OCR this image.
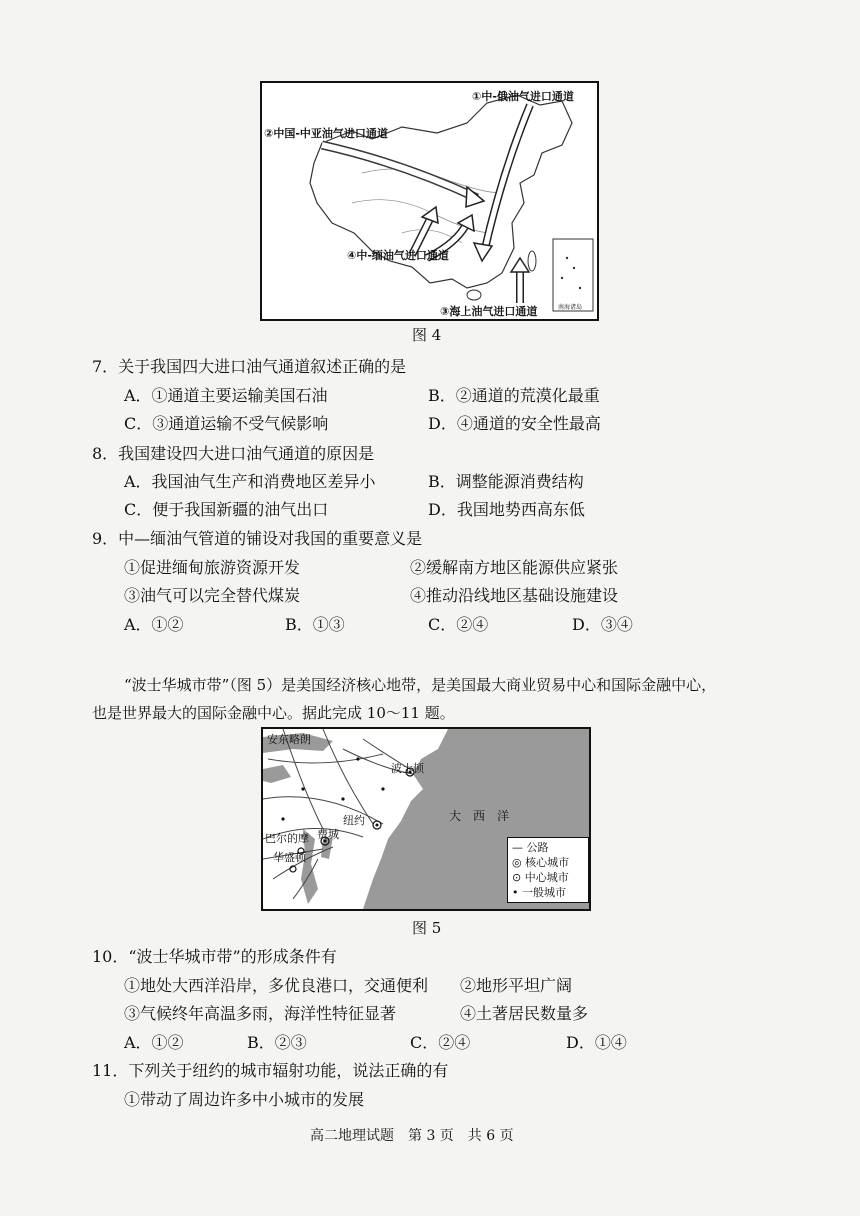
①中-俄油气进口通道
②中国-中亚油气进口通道
④中-缅油气进口通道
③海上油气进口通道	南海诸岛
图 4
7．关于我国四大进口油气通道叙述正确的是
A．①通道主要运输美国石油	B．②通道的荒漠化最重
C．③通道运输不受气候影响	D．④通道的安全性最高
8．我国建设四大进口油气通道的原因是
A．我国油气生产和消费地区差异小	B．调整能源消费结构
C．便于我国新疆的油气出口	D．我国地势西高东低
9．中—缅油气管道的铺设对我国的重要意义是
①促进缅甸旅游资源开发	②缓解南方地区能源供应紧张
③油气可以完全替代煤炭	④推动沿线地区基础设施建设
A．①②	B．①③	C．②④	D．③④
“波士华城市带”（图 5）是美国经济核心地带，是美国最大商业贸易中心和国际金融中心，
也是世界最大的国际金融中心。据此完成 10～11 题。
安东略朗
波士顿
纽约
巴尔的摩 费城
华盛顿
大　西　洋
— 公路
◎ 核心城市
⊙ 中心城市
• 一般城市
图 5
10．“波士华城市带”的形成条件有
①地处大西洋沿岸，多优良港口，交通便利 ②地形平坦广阔
③气候终年高温多雨，海洋性特征显著	④土著居民数量多
A．①②	B．②③	C．②④	D．①④
11．下列关于纽约的城市辐射功能，说法正确的有
①带动了周边许多中小城市的发展
高二地理试题　第 3 页　共 6 页
